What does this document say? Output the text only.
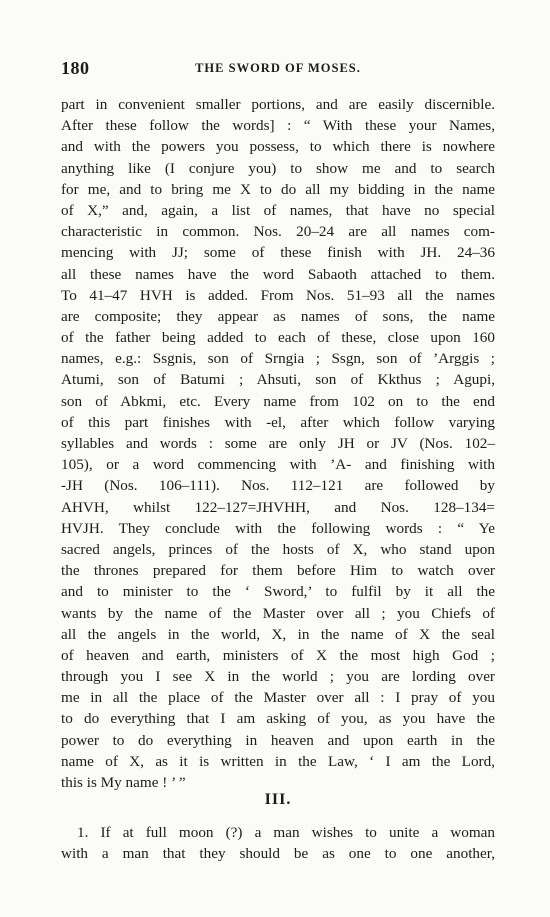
180	THE SWORD OF MOSES.
part in convenient smaller portions, and are easily discernible.
After these follow the words] : “ With these your Names,
and with the powers you possess, to which there is nowhere
anything like (I conjure you) to show me and to search
for me, and to bring me X to do all my bidding in the name
of X,” and, again, a list of names, that have no special
characteristic in common. Nos. 20–24 are all names com-
mencing with JJ; some of these finish with JH. 24–36
all these names have the word Sabaoth attached to them.
To 41–47 HVH is added. From Nos. 51–93 all the names
are composite; they appear as names of sons, the name
of the father being added to each of these, close upon 160
names, e.g.: Ssgnis, son of Srngia ; Ssgn, son of ’Arggis ;
Atumi, son of Batumi ; Ahsuti, son of Kkthus ; Agupi,
son of Abkmi, etc. Every name from 102 on to the end
of this part finishes with -el, after which follow varying
syllables and words : some are only JH or JV (Nos. 102–
105), or a word commencing with ’A- and finishing with
-JH (Nos. 106–111). Nos. 112–121 are followed by
AHVH, whilst 122–127=JHVHH, and Nos. 128–134=
HVJH. They conclude with the following words : “ Ye
sacred angels, princes of the hosts of X, who stand upon
the thrones prepared for them before Him to watch over
and to minister to the ‘ Sword,’ to fulfil by it all the
wants by the name of the Master over all ; you Chiefs of
all the angels in the world, X, in the name of X the seal
of heaven and earth, ministers of X the most high God ;
through you I see X in the world ; you are lording over
me in all the place of the Master over all : I pray of you
to do everything that I am asking of you, as you have the
power to do everything in heaven and upon earth in the
name of X, as it is written in the Law, ‘ I am the Lord,
this is My name ! ’ ”
III.
1. If at full moon (?) a man wishes to unite a woman
with a man that they should be as one to one another,
